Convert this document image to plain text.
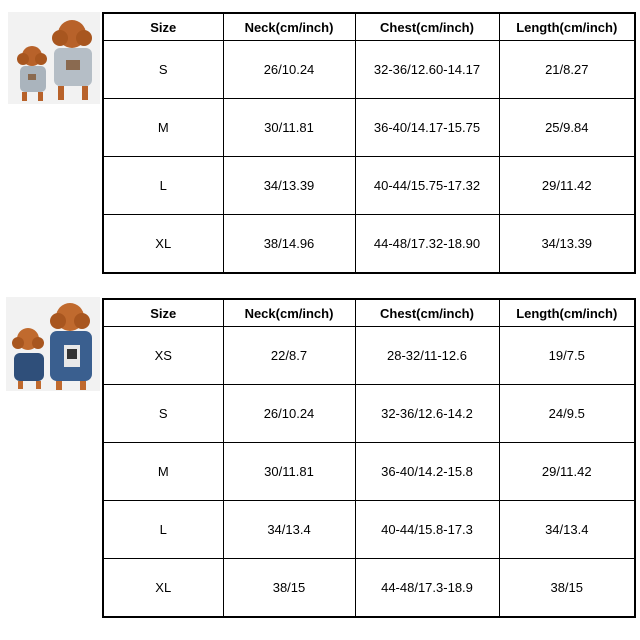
Size	Neck(cm/inch)	Chest(cm/inch)	Length(cm/inch)
S	26/10.24	32-36/12.60-14.17	21/8.27
M	30/11.81	36-40/14.17-15.75	25/9.84
L	34/13.39	40-44/15.75-17.32	29/11.42
XL	38/14.96	44-48/17.32-18.90	34/13.39
Size	Neck(cm/inch)	Chest(cm/inch)	Length(cm/inch)
XS	22/8.7	28-32/11-12.6	19/7.5
S	26/10.24	32-36/12.6-14.2	24/9.5
M	30/11.81	36-40/14.2-15.8	29/11.42
L	34/13.4	40-44/15.8-17.3	34/13.4
XL	38/15	44-48/17.3-18.9	38/15
